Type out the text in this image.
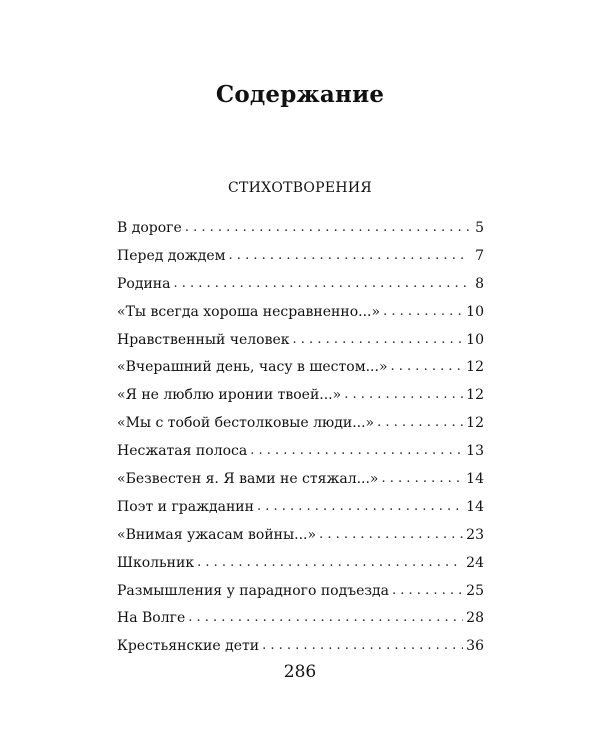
Содержание
СТИХОТВОРЕНИЯ
В дороге . . .	5
Перед дождем . . .	7
Родина . . .	8
«Ты всегда хороша несравненно...» . . .	10
Нравственный человек . . .	10
«Вчерашний день, часу в шестом...» . . .	12
«Я не люблю иронии твоей...» . . .	12
«Мы с тобой бестолковые люди...» . . .	12
Несжатая полоса . . .	13
«Безвестен я. Я вами не стяжал...» . . .	14
Поэт и гражданин . . .	14
«Внимая ужасам войны...» . . .	23
Школьник . . .	24
Размышления у парадного подъезда . . .	25
На Волге . . .	28
Крестьянские дети . . .	36
286
